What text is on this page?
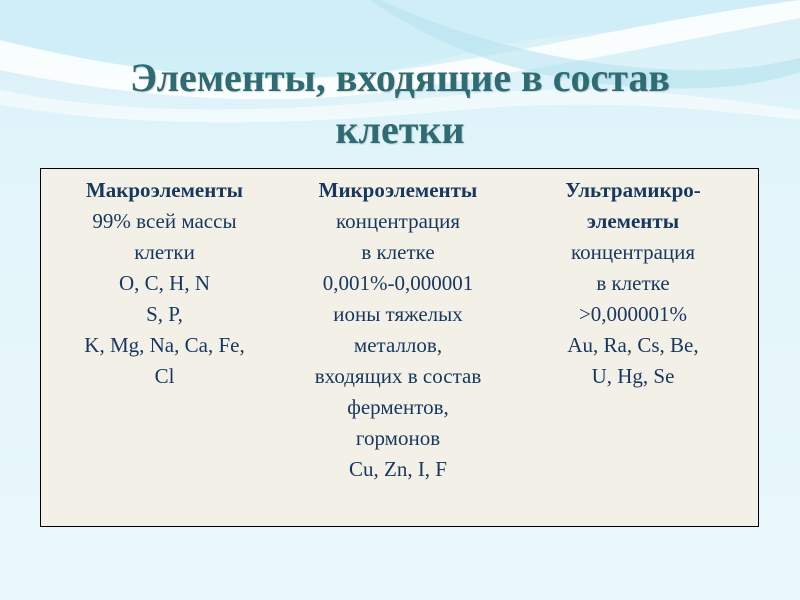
Элементы, входящие в состав
клетки
Макроэлементы
99% всей массы
клетки
O, C, H, N
S, P,
K, Mg, Na, Ca, Fe,
Cl
Микроэлементы
концентрация
в клетке
0,001%-0,000001
ионы тяжелых
металлов,
входящих в состав
ферментов,
гормонов
Cu, Zn, I, F
Ультрамикро-
элементы
концентрация
в клетке
>0,000001%
Au, Ra, Cs, Be,
U, Hg, Se
